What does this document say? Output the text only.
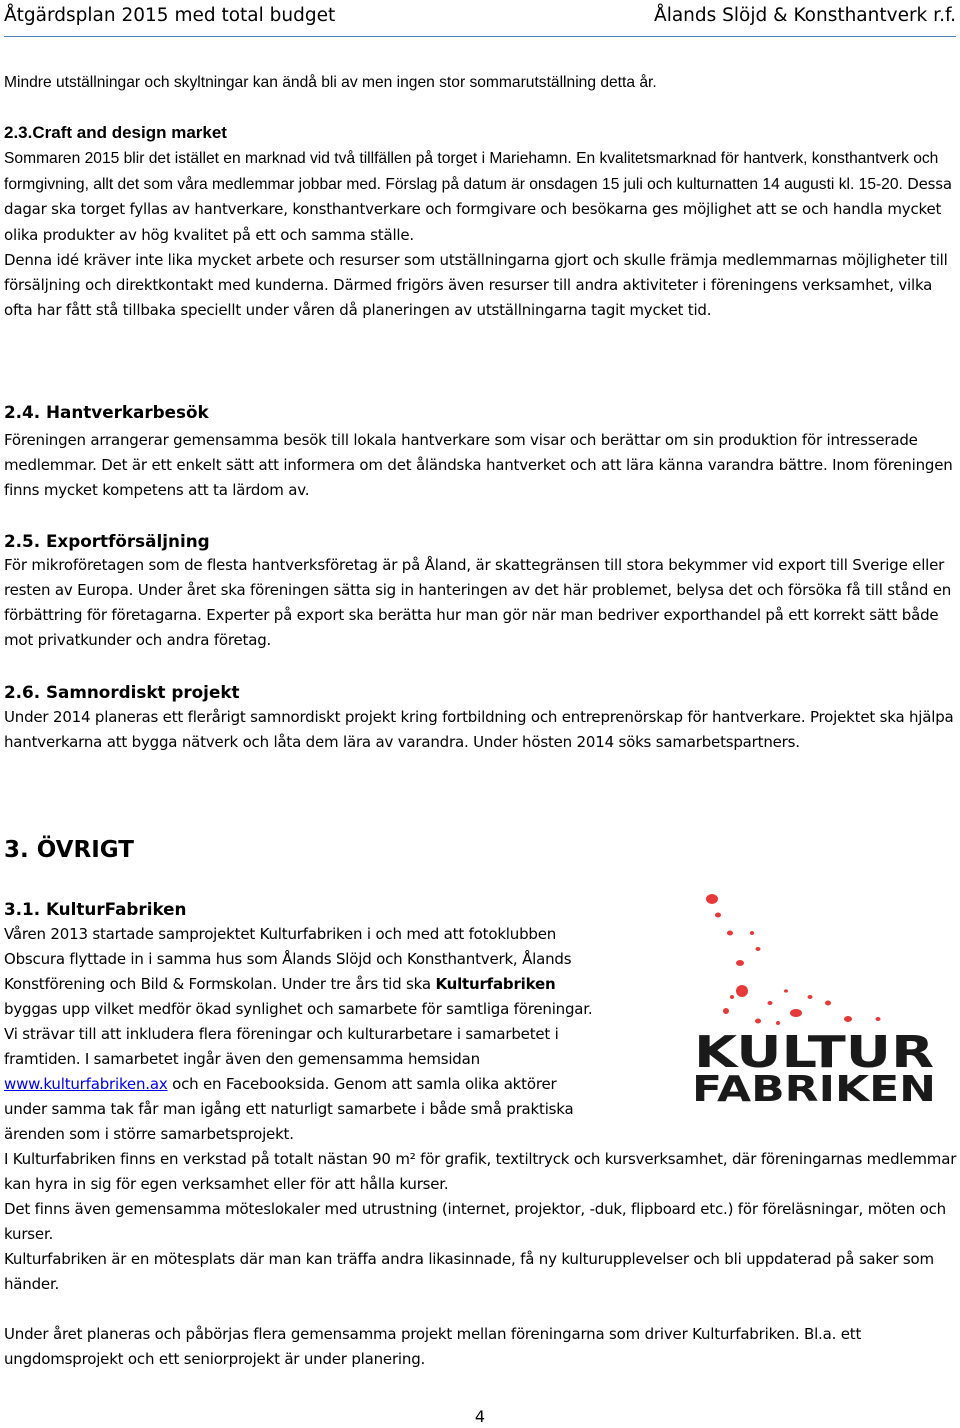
Åtgärdsplan 2015 med total budget	Ålands Slöjd & Konsthantverk r.f.

Mindre utställningar och skyltningar kan ändå bli av men ingen stor sommarutställning detta år.

2.3.Craft and design market

Sommaren 2015 blir det istället en marknad vid två tillfällen på torget i Mariehamn. En kvalitetsmarknad för hantverk, konsthantverk och formgivning, allt det som våra medlemmar jobbar med. Förslag på datum är onsdagen 15 juli och kulturnatten 14 augusti kl. 15-20. Dessa dagar ska torget fyllas av hantverkare, konsthantverkare och formgivare och besökarna ges möjlighet att se och handla mycket olika produkter av hög kvalitet på ett och samma ställe.

Denna idé kräver inte lika mycket arbete och resurser som utställningarna gjort och skulle främja medlemmarnas möjligheter till försäljning och direktkontakt med kunderna. Därmed frigörs även resurser till andra aktiviteter i föreningens verksamhet, vilka ofta har fått stå tillbaka speciellt under våren då planeringen av utställningarna tagit mycket tid.

2.4. Hantverkarbesök

Föreningen arrangerar gemensamma besök till lokala hantverkare som visar och berättar om sin produktion för intresserade medlemmar. Det är ett enkelt sätt att informera om det åländska hantverket och att lära känna varandra bättre. Inom föreningen finns mycket kompetens att ta lärdom av.

2.5. Exportförsäljning

För mikroföretagen som de flesta hantverksföretag är på Åland, är skattegränsen till stora bekymmer vid export till Sverige eller resten av Europa. Under året ska föreningen sätta sig in hanteringen av det här problemet, belysa det och försöka få till stånd en förbättring för företagarna. Experter på export ska berätta hur man gör när man bedriver exporthandel på ett korrekt sätt både mot privatkunder och andra företag.

2.6. Samnordiskt projekt

Under 2014 planeras ett flerårigt samnordiskt projekt kring fortbildning och entreprenörskap för hantverkare. Projektet ska hjälpa hantverkarna att bygga nätverk och låta dem lära av varandra. Under hösten 2014 söks samarbetspartners.

3. ÖVRIGT
3.1. KulturFabriken
Våren 2013 startade samprojektet Kulturfabriken i och med att fotoklubben
Obscura flyttade in i samma hus som Ålands Slöjd och Konsthantverk, Ålands
Konstförening och Bild & Formskolan. Under tre års tid ska Kulturfabriken
byggas upp vilket medför ökad synlighet och samarbete för samtliga föreningar.
Vi strävar till att inkludera flera föreningar och kulturarbetare i samarbetet i
framtiden. I samarbetet ingår även den gemensamma hemsidan
www.kulturfabriken.ax och en Facebooksida. Genom att samla olika aktörer
under samma tak får man igång ett naturligt samarbete i både små praktiska
ärenden som i större samarbetsprojekt.

I Kulturfabriken finns en verkstad på totalt nästan 90 m² för grafik, textiltryck och kursverksamhet, där föreningarnas medlemmar kan hyra in sig för egen verksamhet eller för att hålla kurser.

Det finns även gemensamma möteslokaler med utrustning (internet, projektor, -duk, flipboard etc.) för föreläsningar, möten och kurser.

Kulturfabriken är en mötesplats där man kan träffa andra likasinnade, få ny kulturupplevelser och bli uppdaterad på saker som händer.

Under året planeras och påbörjas flera gemensamma projekt mellan föreningarna som driver Kulturfabriken. Bl.a. ett ungdomsprojekt och ett seniorprojekt är under planering.

KULTUR
FABRIKEN
4
